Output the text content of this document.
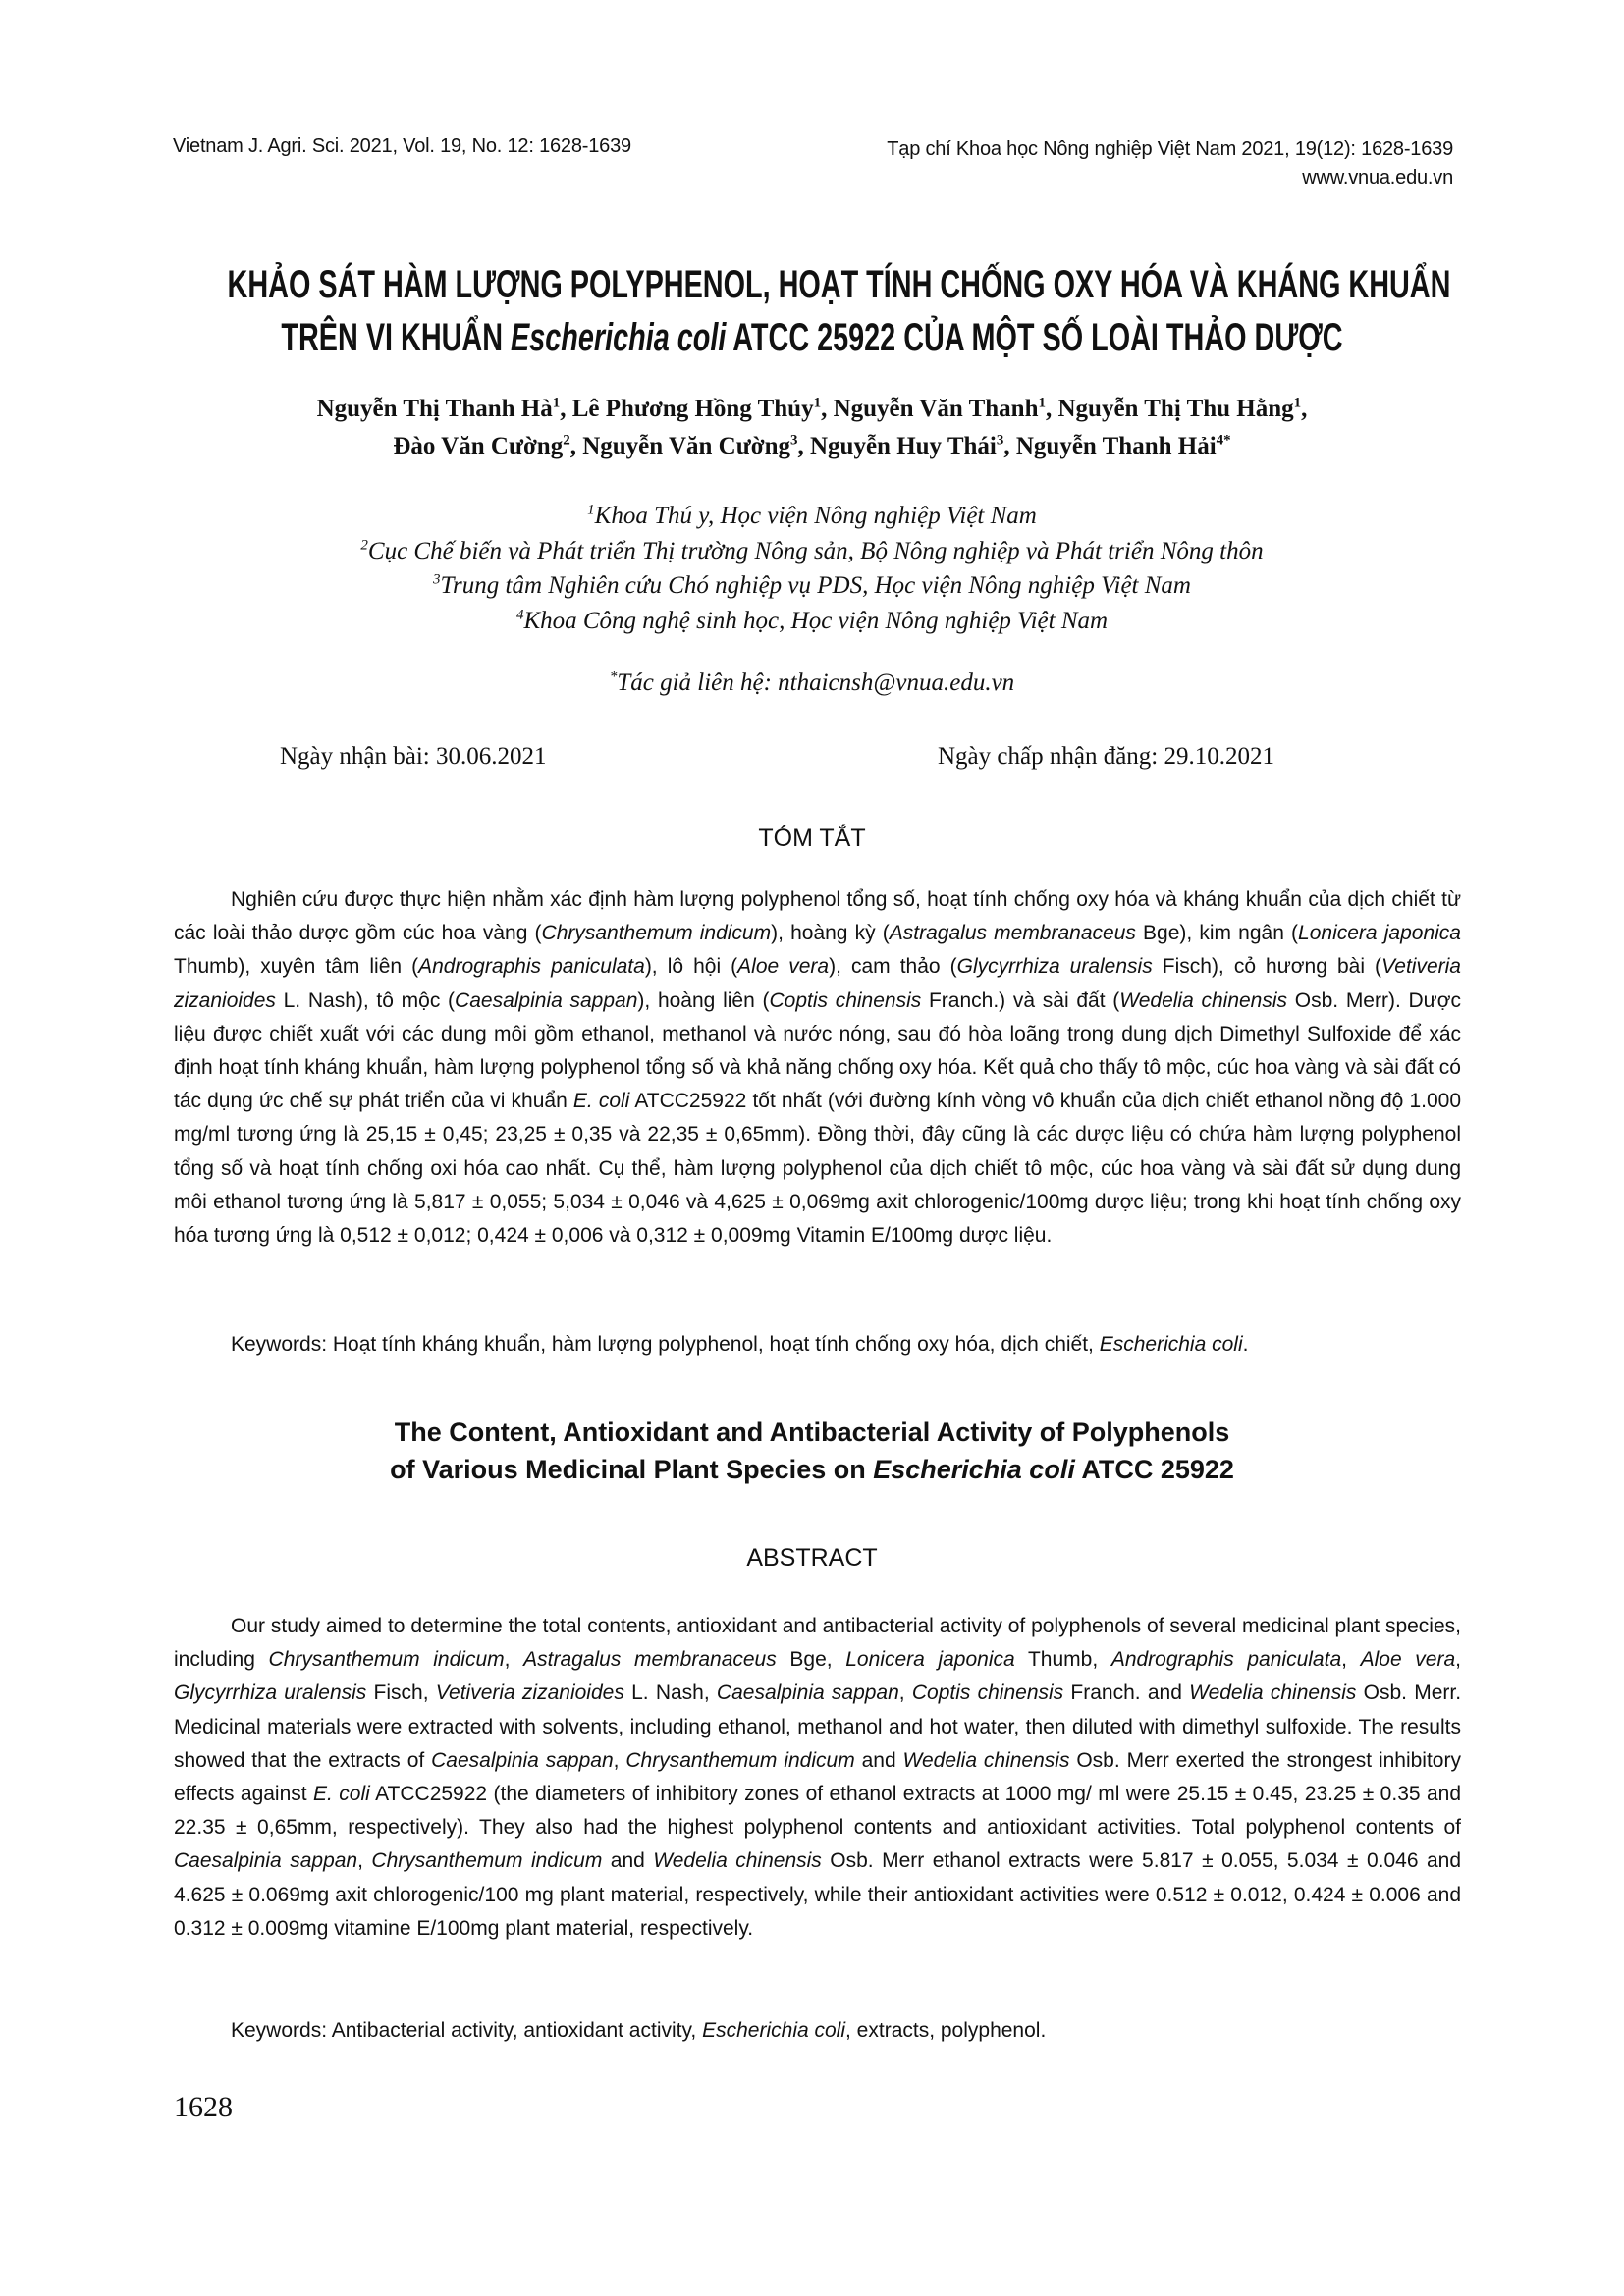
Vietnam J. Agri. Sci. 2021, Vol. 19, No. 12: 1628-1639	Tạp chí Khoa học Nông nghiệp Việt Nam 2021, 19(12): 1628-1639
www.vnua.edu.vn
KHẢO SÁT HÀM LƯỢNG POLYPHENOL, HOẠT TÍNH CHỐNG OXY HÓA VÀ KHÁNG KHUẨN
TRÊN VI KHUẨN Escherichia coli ATCC 25922 CỦA MỘT SỐ LOÀI THẢO DƯỢC
Nguyễn Thị Thanh $Hà^1$, Lê Phương Hồng Thủy$^1$, Nguyễn Văn Thanh$^1$, Nguyễn Thị Thu Hằng$^1$,
Đào Văn Cường$^2$, Nguyễn Văn Cường$^3$, Nguyễn Huy Thái$^3$, Nguyễn Thanh Hải$^{4*}$
$^1$Khoa Thú y, Học viện Nông nghiệp Việt Nam
$^2$Cục Chế biến và Phát triển Thị trường Nông sản, Bộ Nông nghiệp và Phát triển Nông thôn
$^3$Trung tâm Nghiên cứu Chó nghiệp vụ PDS, Học viện Nông nghiệp Việt Nam
$^4$Khoa Công nghệ sinh học, Học viện Nông nghiệp Việt Nam
*Tác giả liên hệ: nthaicnsh@vnua.edu.vn
Ngày nhận bài: 30.06.2021	Ngày chấp nhận đăng: 29.10.2021
TÓM TẮT
Nghiên cứu được thực hiện nhằm xác định hàm lượng polyphenol tổng số, hoạt tính chống oxy hóa và kháng khuẩn của dịch chiết từ các loài thảo dược gồm cúc hoa vàng (Chrysanthemum indicum), hoàng kỳ (Astragalus membranaceus Bge), kim ngân (Lonicera japonica Thumb), xuyên tâm liên (Andrographis paniculata), lô hội (Aloe vera), cam thảo (Glycyrrhiza uralensis Fisch), cỏ hương bài (Vetiveria zizanioides L. Nash), tô mộc (Caesalpinia sappan), hoàng liên (Coptis chinensis Franch.) và sài đất (Wedelia chinensis Osb. Merr). Dược liệu được chiết xuất với các dung môi gồm ethanol, methanol và nước nóng, sau đó hòa loãng trong dung dịch Dimethyl Sulfoxide để xác định hoạt tính kháng khuẩn, hàm lượng polyphenol tổng số và khả năng chống oxy hóa. Kết quả cho thấy tô mộc, cúc hoa vàng và sài đất có tác dụng ức chế sự phát triển của vi khuẩn E. coli ATCC25922 tốt nhất (với đường kính vòng vô khuẩn của dịch chiết ethanol nồng độ 1.000 mg/ml tương ứng là 25,15 ± 0,45; 23,25 ± 0,35 và 22,35 ± 0,65mm). Đồng thời, đây cũng là các dược liệu có chứa hàm lượng polyphenol tổng số và hoạt tính chống oxi hóa cao nhất. Cụ thể, hàm lượng polyphenol của dịch chiết tô mộc, cúc hoa vàng và sài đất sử dụng dung môi ethanol tương ứng là 5,817 ± 0,055; 5,034 ± 0,046 và 4,625 ± 0,069mg axit chlorogenic/100mg dược liệu; trong khi hoạt tính chống oxy hóa tương ứng là 0,512 ± 0,012; 0,424 ± 0,006 và 0,312 ± 0,009mg Vitamin E/100mg dược liệu.
Keywords: Hoạt tính kháng khuẩn, hàm lượng polyphenol, hoạt tính chống oxy hóa, dịch chiết, Escherichia coli.
The Content, Antioxidant and Antibacterial Activity of Polyphenols
of Various Medicinal Plant Species on Escherichia coli ATCC 25922
ABSTRACT
Our study aimed to determine the total contents, antioxidant and antibacterial activity of polyphenols of several medicinal plant species, including Chrysanthemum indicum, Astragalus membranaceus Bge, Lonicera japonica Thumb, Andrographis paniculata, Aloe vera, Glycyrrhiza uralensis Fisch, Vetiveria zizanioides L. Nash, Caesalpinia sappan, Coptis chinensis Franch. and Wedelia chinensis Osb. Merr. Medicinal materials were extracted with solvents, including ethanol, methanol and hot water, then diluted with dimethyl sulfoxide. The results showed that the extracts of Caesalpinia sappan, Chrysanthemum indicum and Wedelia chinensis Osb. Merr exerted the strongest inhibitory effects against E. coli ATCC25922 (the diameters of inhibitory zones of ethanol extracts at 1000 mg/ ml were 25.15 ± 0.45, 23.25 ± 0.35 and 22.35 ± 0,65mm, respectively). They also had the highest polyphenol contents and antioxidant activities. Total polyphenol contents of Caesalpinia sappan, Chrysanthemum indicum and Wedelia chinensis Osb. Merr ethanol extracts were 5.817 ± 0.055, 5.034 ± 0.046 and 4.625 ± 0.069mg axit chlorogenic/100 mg plant material, respectively, while their antioxidant activities were 0.512 ± 0.012, 0.424 ± 0.006 and 0.312 ± 0.009mg vitamine E/100mg plant material, respectively.
Keywords: Antibacterial activity, antioxidant activity, Escherichia coli, extracts, polyphenol.
1628
